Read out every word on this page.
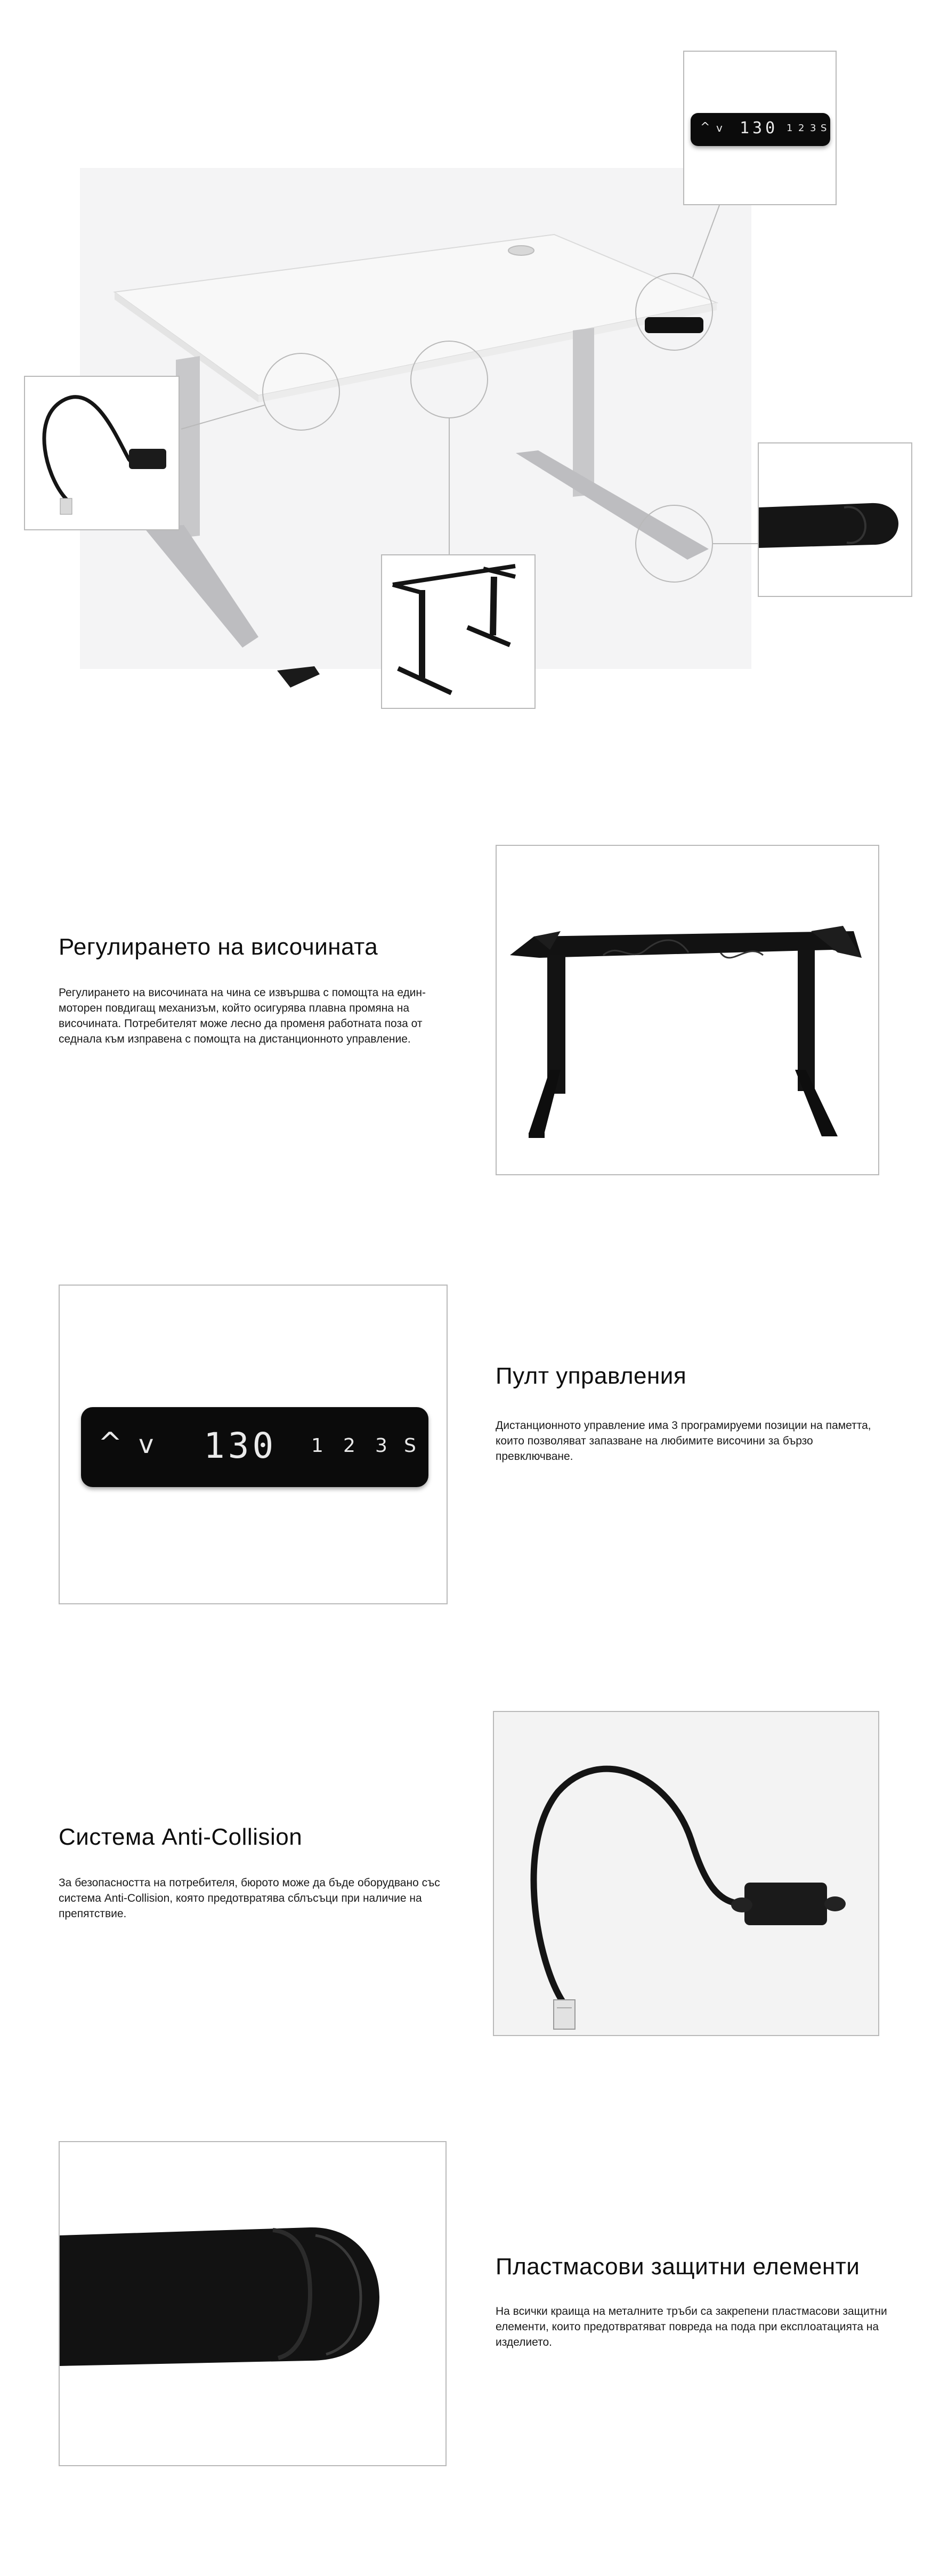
^ v 130 1 2 3 S
Регулирането на височината

Регулирането на височината на чина се извършва с помощта на един- моторен повдигащ механизъм, който осигурява плавна промяна на височината. Потребителят може лесно да променя работната поза от седнала към изправена с помощта на дистанционното управление.

^ v 130 1 2 3 S
Пулт управления

Дистанционното управление има 3 програмируеми позиции на паметта, които позволяват запазване на любимите височини за бързо превключване.

Система Anti-Collision

За безопасността на потребителя, бюрото може да бъде оборудвано със система Anti-Collision, която предотвратява сблъсъци при наличие на препятствие.

Пластмасови защитни елементи

На всички краища на металните тръби са закрепени пластмасови защитни елементи, които предотвратяват повреда на пода при експлоатацията на изделието.
